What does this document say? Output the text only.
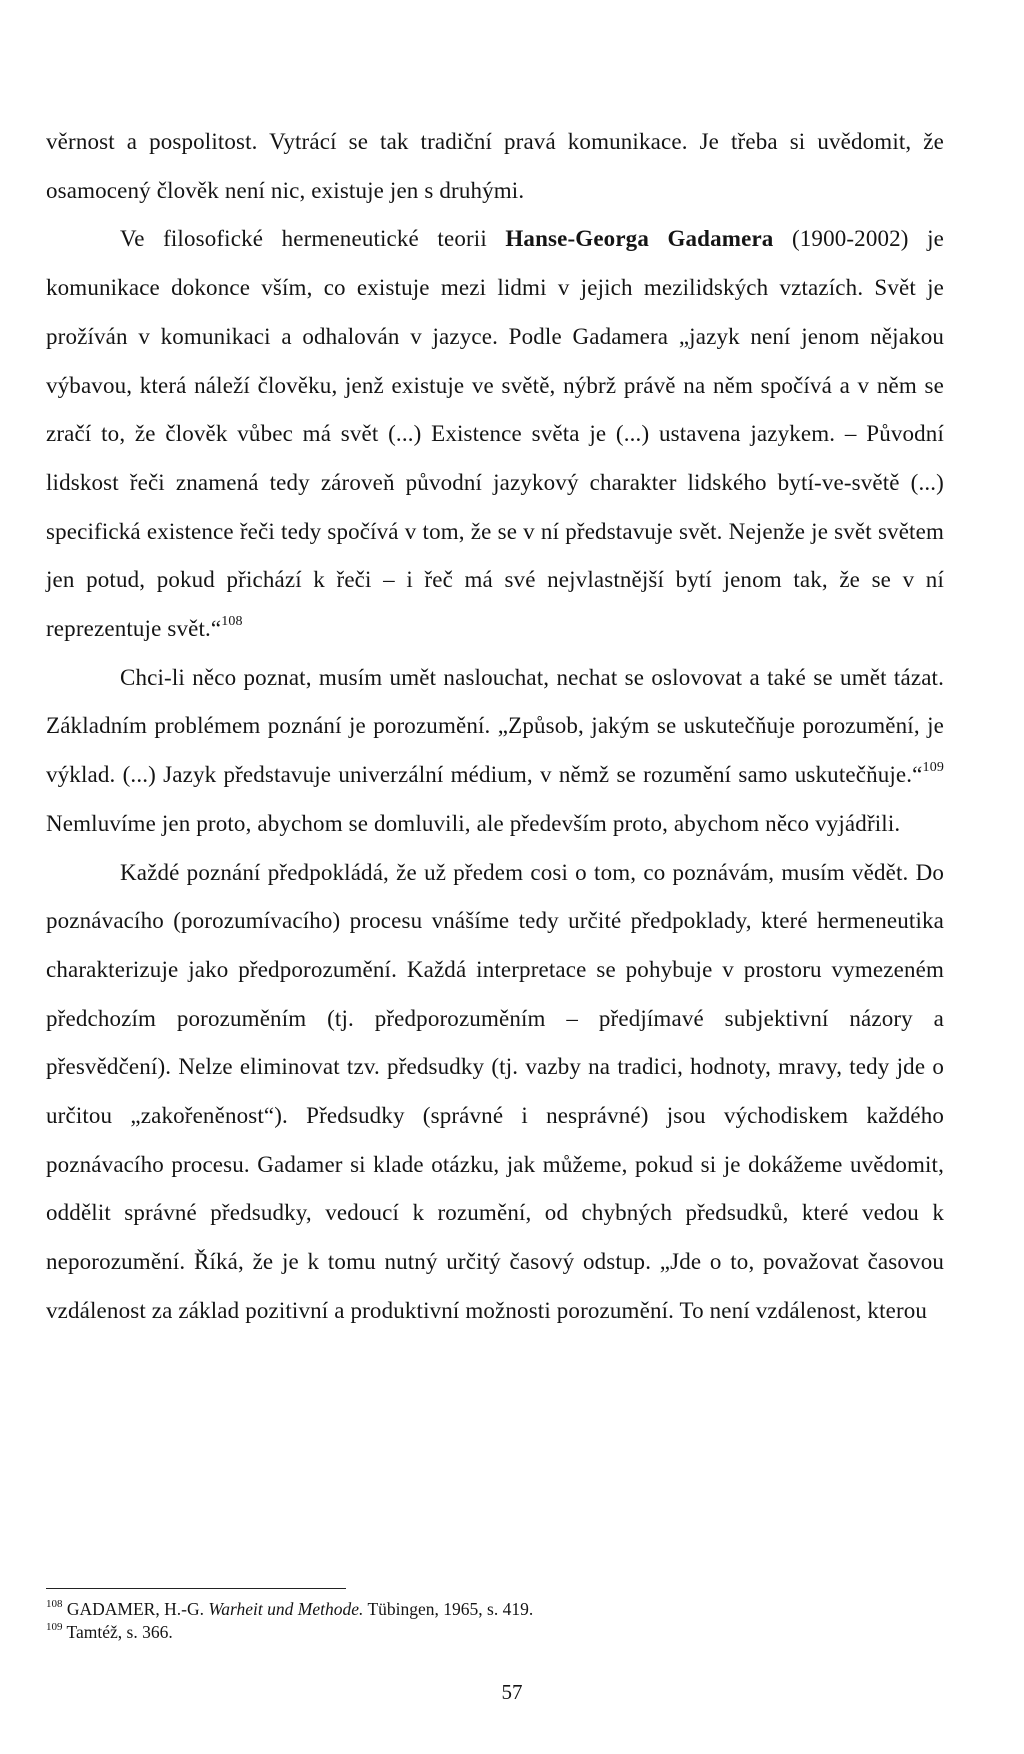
věrnost a pospolitost. Vytrácí se tak tradiční pravá komunikace. Je třeba si uvědomit, že osamocený člověk není nic, existuje jen s druhými.

Ve filosofické hermeneutické teorii Hanse-Georga Gadamera (1900-2002) je komunikace dokonce vším, co existuje mezi lidmi v jejich mezilidských vztazích. Svět je prožíván v komunikaci a odhalován v jazyce. Podle Gadamera „jazyk není jenom nějakou výbavou, která náleží člověku, jenž existuje ve světě, nýbrž právě na něm spočívá a v něm se zračí to, že člověk vůbec má svět (...) Existence světa je (...) ustavena jazykem. – Původní lidskost řeči znamená tedy zároveň původní jazykový charakter lidského bytí-ve-světě (...) specifická existence řeči tedy spočívá v tom, že se v ní představuje svět. Nejenže je svět světem jen potud, pokud přichází k řeči – i řeč má své nejvlastnější bytí jenom tak, že se v ní reprezentuje svět.“$^{108}$

Chci-li něco poznat, musím umět naslouchat, nechat se oslovovat a také se umět tázat. Základním problémem poznání je porozumění. „Způsob, jakým se uskutečňuje porozumění, je výklad. (...) Jazyk představuje univerzální médium, v němž se rozumění samo uskutečňuje.“$^{109}$ Nemluvíme jen proto, abychom se domluvili, ale především proto, abychom něco vyjádřili.

Každé poznání předpokládá, že už předem cosi o tom, co poznávám, musím vědět. Do poznávacího (porozumívacího) procesu vnášíme tedy určité předpoklady, které hermeneutika charakterizuje jako předporozumění. Každá interpretace se pohybuje v prostoru vymezeném předchozím porozuměním (tj. předporozuměním – předjímavé subjektivní názory a přesvědčení). Nelze eliminovat tzv. předsudky (tj. vazby na tradici, hodnoty, mravy, tedy jde o určitou „zakořeněnost“). Předsudky (správné i nesprávné) jsou východiskem každého poznávacího procesu. Gadamer si klade otázku, jak můžeme, pokud si je dokážeme uvědomit, oddělit správné předsudky, vedoucí k rozumění, od chybných předsudků, které vedou k neporozumění. Říká, že je k tomu nutný určitý časový odstup. „Jde o to, považovat časovou vzdálenost za základ pozitivní a produktivní možnosti porozumění. To není vzdálenost, kterou

$^{108}$ GADAMER, H.-G. Warheit und Methode. Tübingen, 1965, s. 419.

$^{109}$ Tamtéž, s. 366.

57
